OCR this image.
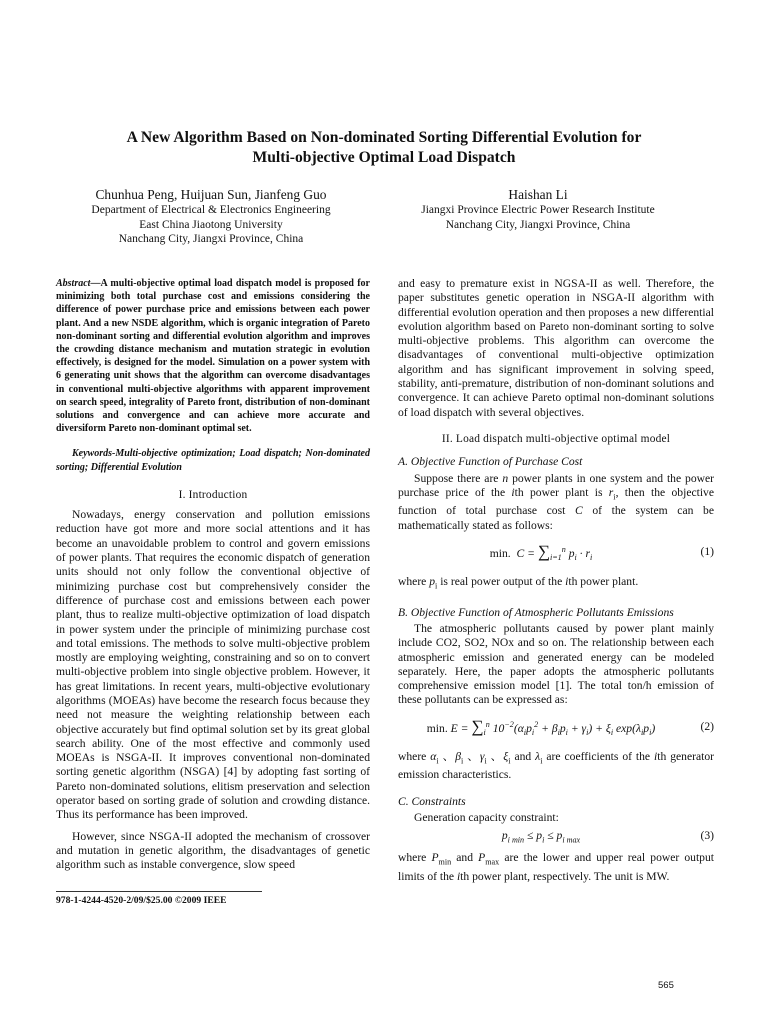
A New Algorithm Based on Non-dominated Sorting Differential Evolution for
Multi-objective Optimal Load Dispatch
Chunhua Peng, Huijuan Sun, Jianfeng Guo
Department of Electrical & Electronics Engineering
East China Jiaotong University
Nanchang City, Jiangxi Province, China
Haishan Li
Jiangxi Province Electric Power Research Institute
Nanchang City, Jiangxi Province, China

Abstract—A multi-objective optimal load dispatch model is proposed for minimizing both total purchase cost and emissions considering the difference of power purchase price and emissions between each power plant. And a new NSDE algorithm, which is organic integration of Pareto non-dominant sorting and differential evolution algorithm and improves the crowding distance mechanism and mutation strategic in evolution effectively, is designed for the model. Simulation on a power system with 6 generating unit shows that the algorithm can overcome disadvantages in conventional multi-objective algorithms with apparent improvement on search speed, integrality of Pareto front, distribution of non-dominant solutions and convergence and can achieve more accurate and diversiform Pareto non-dominant optimal set.

Keywords-Multi-objective optimization; Load dispatch; Non-dominated sorting; Differential Evolution

I. Introduction

Nowadays, energy conservation and pollution emissions reduction have got more and more social attentions and it has become an unavoidable problem to control and govern emissions of power plants. That requires the economic dispatch of generation units should not only follow the conventional objective of minimizing purchase cost but comprehensively consider the difference of purchase cost and emissions between each power plant, thus to realize multi-objective optimization of load dispatch in power system under the principle of minimizing purchase cost and total emissions. The methods to solve multi-objective problem mostly are employing weighting, constraining and so on to convert multi-objective problem into single objective problem. However, it has great limitations. In recent years, multi-objective evolutionary algorithms (MOEAs) have become the research focus because they need not measure the weighting relationship between each objective accurately but find optimal solution set by its great global search ability. One of the most effective and commonly used MOEAs is NSGA-II. It improves conventional non-dominated sorting genetic algorithm (NSGA) [4] by adopting fast sorting of Pareto non-dominated solutions, elitism preservation and selection operator based on sorting grade of solution and crowding distance. Thus its performance has been improved.

However, since NSGA-II adopted the mechanism of crossover and mutation in genetic algorithm, the disadvantages of genetic algorithm such as instable convergence, slow speed

and easy to premature exist in NGSA-II as well. Therefore, the paper substitutes genetic operation in NSGA-II algorithm with differential evolution operation and then proposes a new differential evolution algorithm based on Pareto non-dominant sorting to solve multi-objective problems. This algorithm can overcome the disadvantages of conventional multi-objective optimization algorithm and has significant improvement in solving speed, stability, anti-premature, distribution of non-dominant solutions and convergence. It can achieve Pareto optimal non-dominant solutions of load dispatch with several objectives.

II. Load dispatch multi-objective optimal model
A. Objective Function of Purchase Cost

Suppose there are n power plants in one system and the power purchase price of the ith power plant is $r_i$, then the objective function of total purchase cost C of the system can be mathematically stated as follows:

min. $C = \sum_{i=1}^n$ $p_i \cdot r_i$	(1)

where $p_i$ is real power output of the ith power plant.

B. Objective Function of Atmospheric Pollutants Emissions

The atmospheric pollutants caused by power plant mainly include CO2, SO2, NOx and so on. The relationship between each atmospheric emission and generated energy can be modeled separately. Here, the paper adopts the atmospheric pollutants comprehensive emission model [1]. The total ton/h emission of these pollutants can be expressed as:

min. $E = \sum_i^n$ $10^{-2}(\alpha_ip_i^2 + \beta_ip_i + \gamma_i) + \xi_i$ $\exp(\lambda_ip_i)$	(2)

where $\alpha_i$ 、$\beta_i$ 、$\gamma_i$ 、$\xi_i$ and $\lambda_i$ are coefficients of the ith generator emission characteristics.

C. Constraints

Generation capacity constraint:

$p_{i min} \le p_i \le p_{i max}$	(3)

where $P_{min}$ and $P_{max}$ are the lower and upper real power output limits of the ith power plant, respectively. The unit is MW.

978-1-4244-4520-2/09/$25.00 ©2009 IEEE
565
